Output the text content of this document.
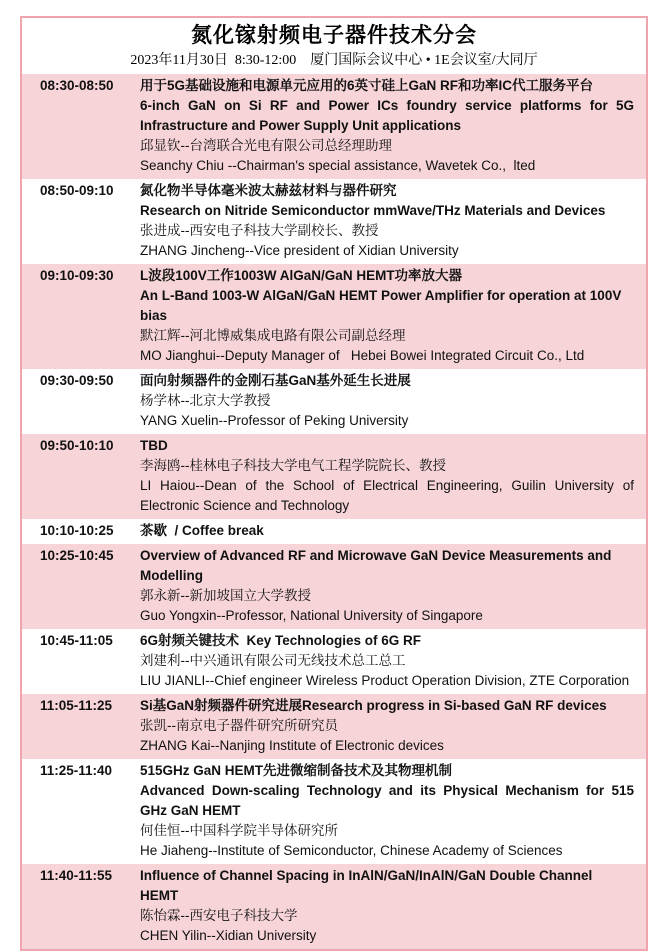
氮化镓射频电子器件技术分会
2023年11月30日  8:30-12:00    厦门国际会议中心 • 1E会议室/大同厅
08:30-08:50	用于5G基础设施和电源单元应用的6英寸硅上GaN RF和功率IC代工服务平台
6-inch GaN on Si RF and Power ICs foundry service platforms for 5G Infrastructure and Power Supply Unit applications
邱显钦--台湾联合光电有限公司总经理助理
Seanchy Chiu --Chairman's special assistance, Wavetek Co.,  lted
08:50-09:10	氮化物半导体毫米波太赫兹材料与器件研究
Research on Nitride Semiconductor mmWave/THz Materials and Devices
张进成--西安电子科技大学副校长、教授
ZHANG Jincheng--Vice president of Xidian University
09:10-09:30	L波段100V工作1003W AlGaN/GaN HEMT功率放大器
An L-Band 1003-W AlGaN/GaN HEMT Power Amplifier for operation at 100V bias
默江辉--河北博威集成电路有限公司副总经理
MO Jianghui--Deputy Manager of   Hebei Bowei Integrated Circuit Co., Ltd
09:30-09:50	面向射频器件的金刚石基GaN基外延生长进展
杨学林--北京大学教授
YANG Xuelin--Professor of Peking University
09:50-10:10	TBD
李海鸥--桂林电子科技大学电气工程学院院长、教授
LI Haiou--Dean of the School of Electrical Engineering, Guilin University of Electronic Science and Technology
10:10-10:25	茶歇  / Coffee break
10:25-10:45	Overview of Advanced RF and Microwave GaN Device Measurements and Modelling
郭永新--新加坡国立大学教授
Guo Yongxin--Professor, National University of Singapore
10:45-11:05	6G射频关键技术  Key Technologies of 6G RF
刘建利--中兴通讯有限公司无线技术总工总工
LIU JIANLI--Chief engineer Wireless Product Operation Division, ZTE Corporation
11:05-11:25	Si基GaN射频器件研究进展Research progress in Si-based GaN RF devices
张凯--南京电子器件研究所研究员
ZHANG Kai--Nanjing Institute of Electronic devices
11:25-11:40	515GHz GaN HEMT先进微缩制备技术及其物理机制
Advanced Down-scaling Technology and its Physical Mechanism for 515 GHz GaN HEMT
何佳恒--中国科学院半导体研究所
He Jiaheng--Institute of Semiconductor, Chinese Academy of Sciences
11:40-11:55	Influence of Channel Spacing in InAlN/GaN/InAlN/GaN Double Channel HEMT
陈怡霖--西安电子科技大学
CHEN Yilin--Xidian University
